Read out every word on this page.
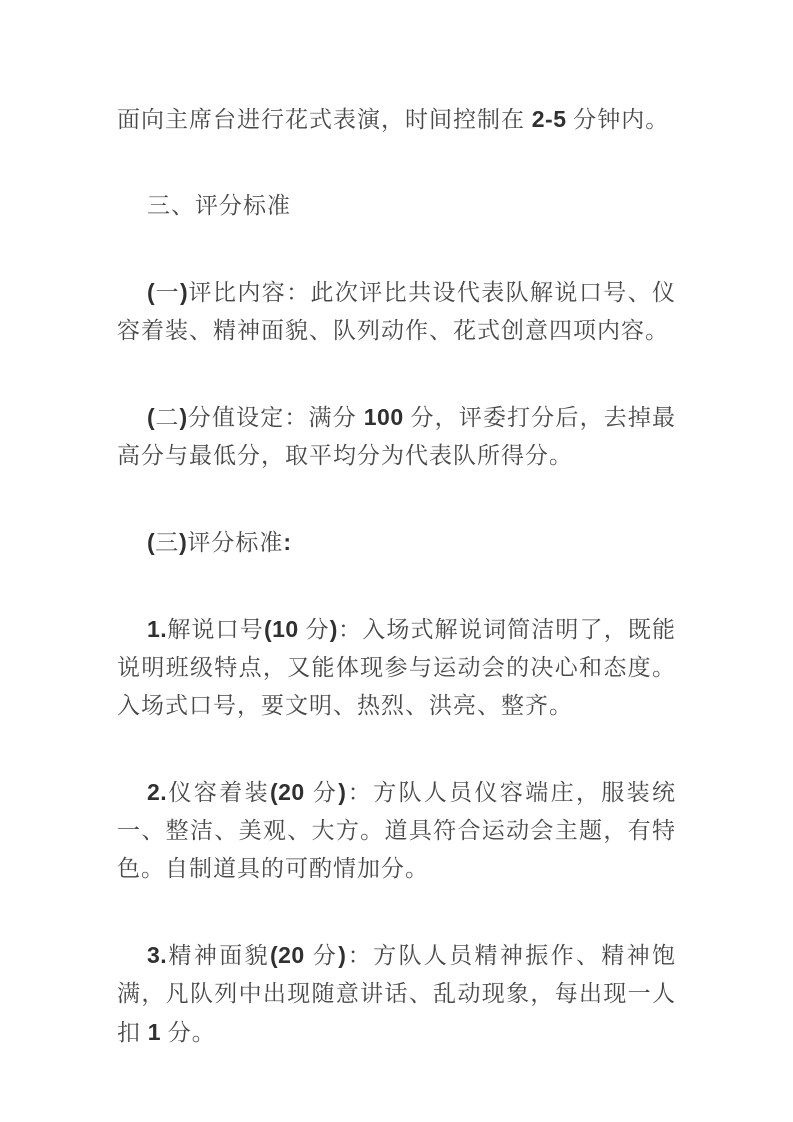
面向主席台进行花式表演，时间控制在 2-5 分钟内。

三、评分标准

(一)评比内容：此次评比共设代表队解说口号、仪容着装、精神面貌、队列动作、花式创意四项内容。

(二)分值设定：满分 100 分，评委打分后，去掉最高分与最低分，取平均分为代表队所得分。

(三)评分标准:

1.解说口号(10 分)：入场式解说词简洁明了，既能说明班级特点，又能体现参与运动会的决心和态度。入场式口号，要文明、热烈、洪亮、整齐。

2.仪容着装(20 分)：方队人员仪容端庄，服装统一、整洁、美观、大方。道具符合运动会主题，有特色。自制道具的可酌情加分。

3.精神面貌(20 分)：方队人员精神振作、精神饱满，凡队列中出现随意讲话、乱动现象，每出现一人扣 1 分。
